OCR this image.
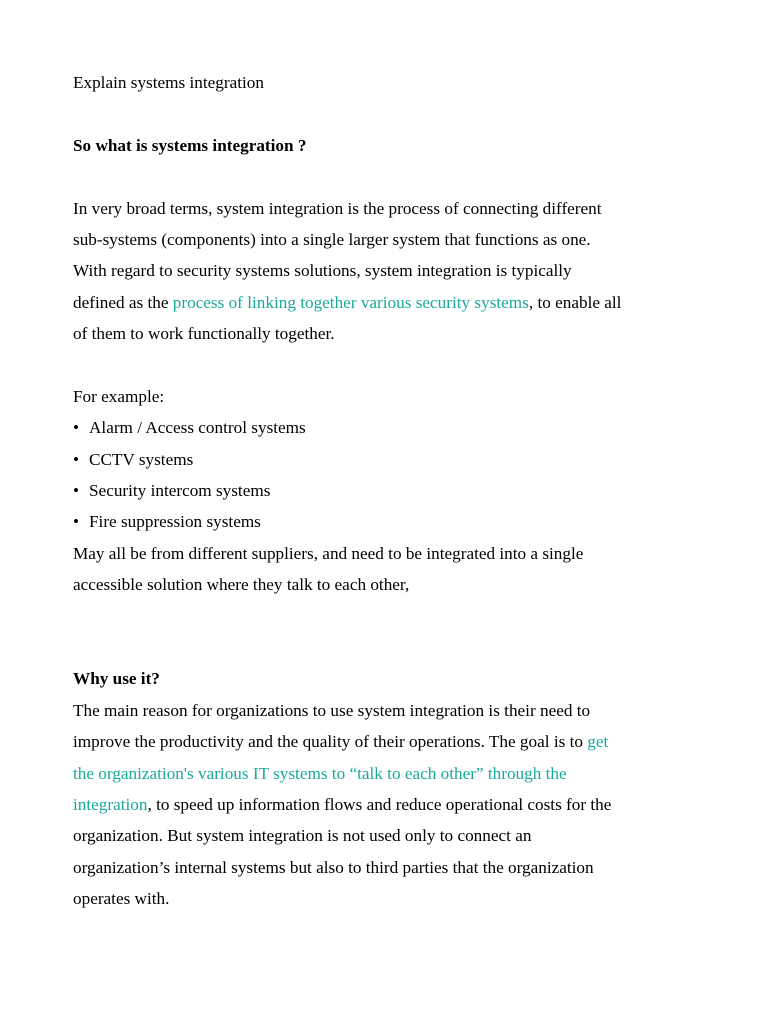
Explain systems integration
So what is systems integration ?
In very broad terms, system integration is the process of connecting different
sub-systems (components) into a single larger system that functions as one.
With regard to security systems solutions, system integration is typically
defined as the process of linking together various security systems, to enable all
of them to work functionally together.
For example:
• Alarm / Access control systems
• CCTV systems
• Security intercom systems
• Fire suppression systems
May all be from different suppliers, and need to be integrated into a single
accessible solution where they talk to each other,
Why use it?
The main reason for organizations to use system integration is their need to
improve the productivity and the quality of their operations. The goal is to get
the organization's various IT systems to “talk to each other” through the
integration, to speed up information flows and reduce operational costs for the
organization. But system integration is not used only to connect an
organization’s internal systems but also to third parties that the organization
operates with.
